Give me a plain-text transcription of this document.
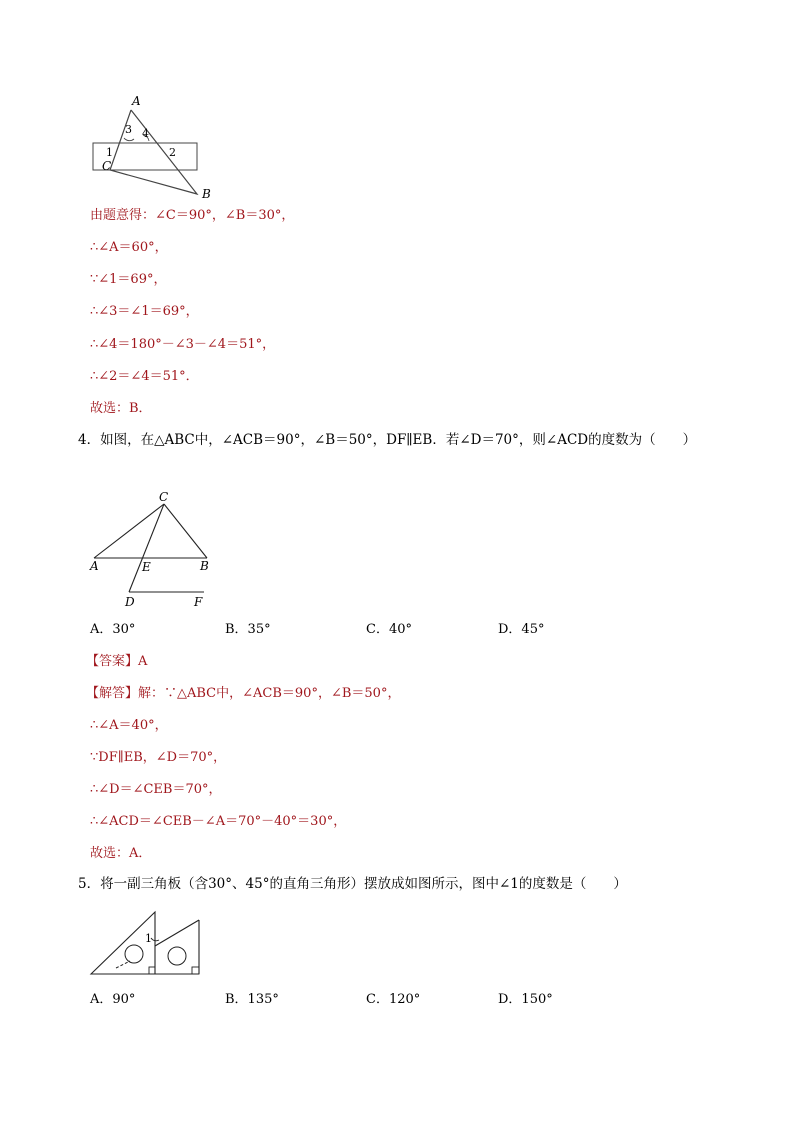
A
3 4
1	2
C
B
由题意得：∠C＝90°，∠B＝30°，
∴∠A＝60°，
∵∠1＝69°，
∴∠3＝∠1＝69°，
∴∠4＝180°－∠3－∠4＝51°，
∴∠2＝∠4＝51°．
故选：B．
4．如图，在△ABC中，∠ACB＝90°，∠B＝50°，DF∥EB．若∠D＝70°，则∠ACD的度数为（　　）
C
A	E	B
D	F
A．30°	B．35°	C．40°	D．45°
【答案】A
【解答】解：∵△ABC中，∠ACB＝90°，∠B＝50°，
∴∠A＝40°，
∵DF∥EB，∠D＝70°，
∴∠D＝∠CEB＝70°，
∴∠ACD＝∠CEB－∠A＝70°－40°＝30°，
故选：A．
5．将一副三角板（含30°、45°的直角三角形）摆放成如图所示，图中∠1的度数是（　　）
1
A．90°	B．135°	C．120°	D．150°
